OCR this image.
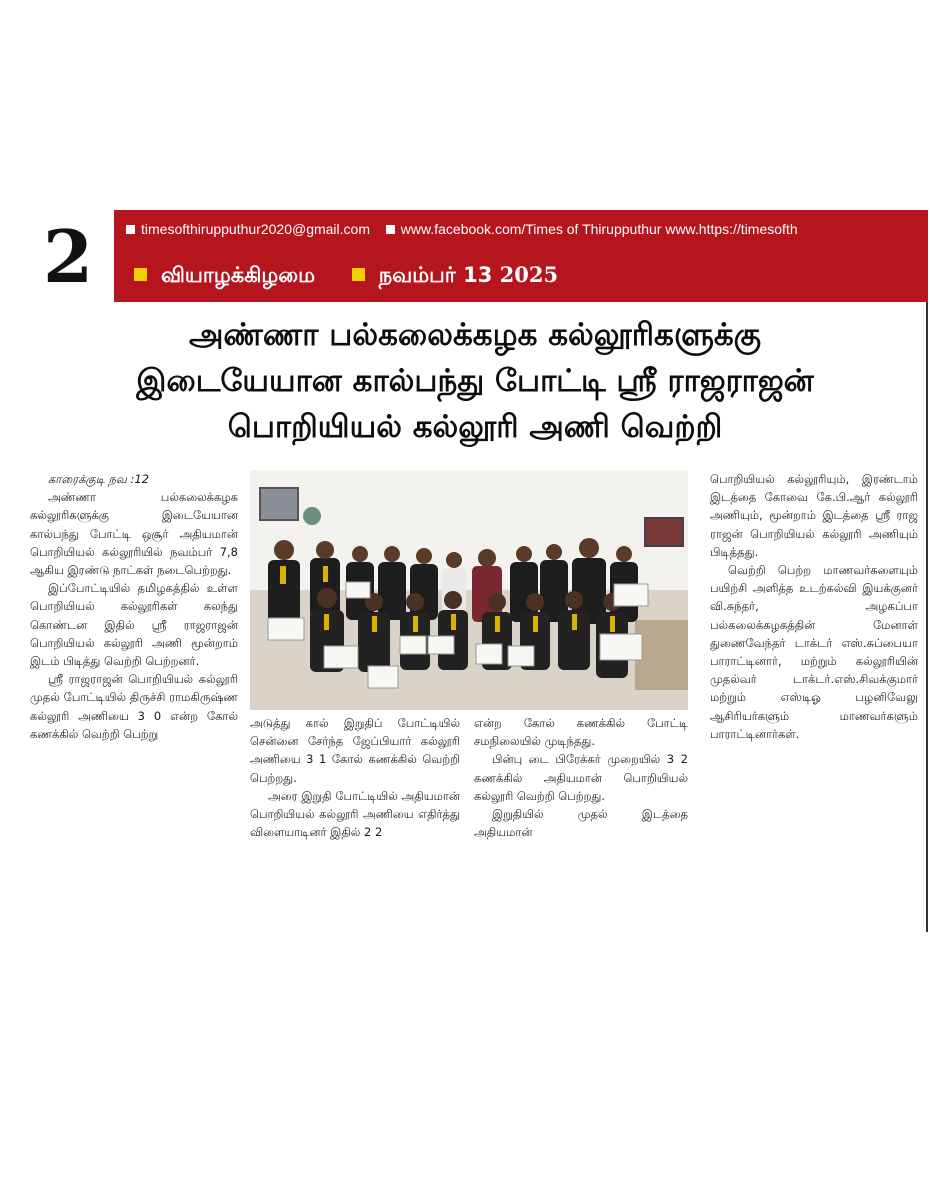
2	timesofthirupputhur2020@gmail.com www.facebook.com/Times of Thirupputhur www.https://timesofth
வியாழக்கிழமை	நவம்பர் 13 2025
அண்ணா பல்கலைக்கழக கல்லூரிகளுக்கு
இடையேயான கால்பந்து போட்டி ஸ்ரீ ராஜராஜன்
பொறியியல் கல்லூரி அணி வெற்றி

காரைக்குடி நவ :12

அண்ணா பல்கலைக்கழக கல்லூரிகளுக்கு இடையேயான கால்பந்து போட்டி ஒசூர் அதியமான் பொறியியல் கல்லூரியில் நவம்பர் 7,8 ஆகிய இரண்டு நாட்கள் நடைபெற்றது.

இப்போட்டியில் தமிழகத்தில் உள்ள பொறியியல் கல்லூரிகள் கலந்து கொண்டன இதில் ஸ்ரீ ராஜராஜன் பொறியியல் கல்லூரி அணி மூன்றாம் இடம் பிடித்து வெற்றி பெற்றனர்.

ஸ்ரீ ராஜராஜன் பொறியியல் கல்லூரி முதல் போட்டியில் திருச்சி ராமகிருஷ்ண கல்லூரி அணியை 3 0 என்ற கோல் கணக்கில் வெற்றி பெற்று

அடுத்து கால் இறுதிப் போட்டியில் சென்னை சேர்ந்த ஜேப்பியார் கல்லூரி அணியை 3 1 கோல் கணக்கில் வெற்றி பெற்றது.

அரை இறுதி போட்டியில் அதியமான் பொறியியல் கல்லூரி அணியை எதிர்த்து விளையாடினர் இதில் 2 2

என்ற கோல் கணக்கில் போட்டி சமநிலையில் முடிந்தது.

பின்பு டை பிரேக்கர் முறையில் 3 2 கணக்கில் அதியமான் பொறியியல் கல்லூரி வெற்றி பெற்றது.

இறுதியில் முதல் இடத்தை அதியமான்

பொறியியல் கல்லூரியும், இரண்டாம் இடத்தை கோவை கே.பி.ஆர் கல்லூரி அணியும், மூன்றாம் இடத்தை ஸ்ரீ ராஜ ராஜன் பொறியியல் கல்லூரி அணியும் பிடித்தது.

வெற்றி பெற்ற மாணவர்களையும் பயிற்சி அளித்த உடற்கல்வி இயக்குனர் வி.சுந்தர், அழகப்பா பல்கலைக்கழகத்தின் மேனாள் துணைவேந்தர் டாக்டர் எஸ்.சுப்பையா பாராட்டினார், மற்றும் கல்லூரியின் முதல்வர் டாக்டர்.எஸ்.சிவக்குமார் மற்றும் எஸ்டிஓ பழனிவேலு ஆசிரியர்களும் மாணவர்களும் பாராட்டினார்கள்.
